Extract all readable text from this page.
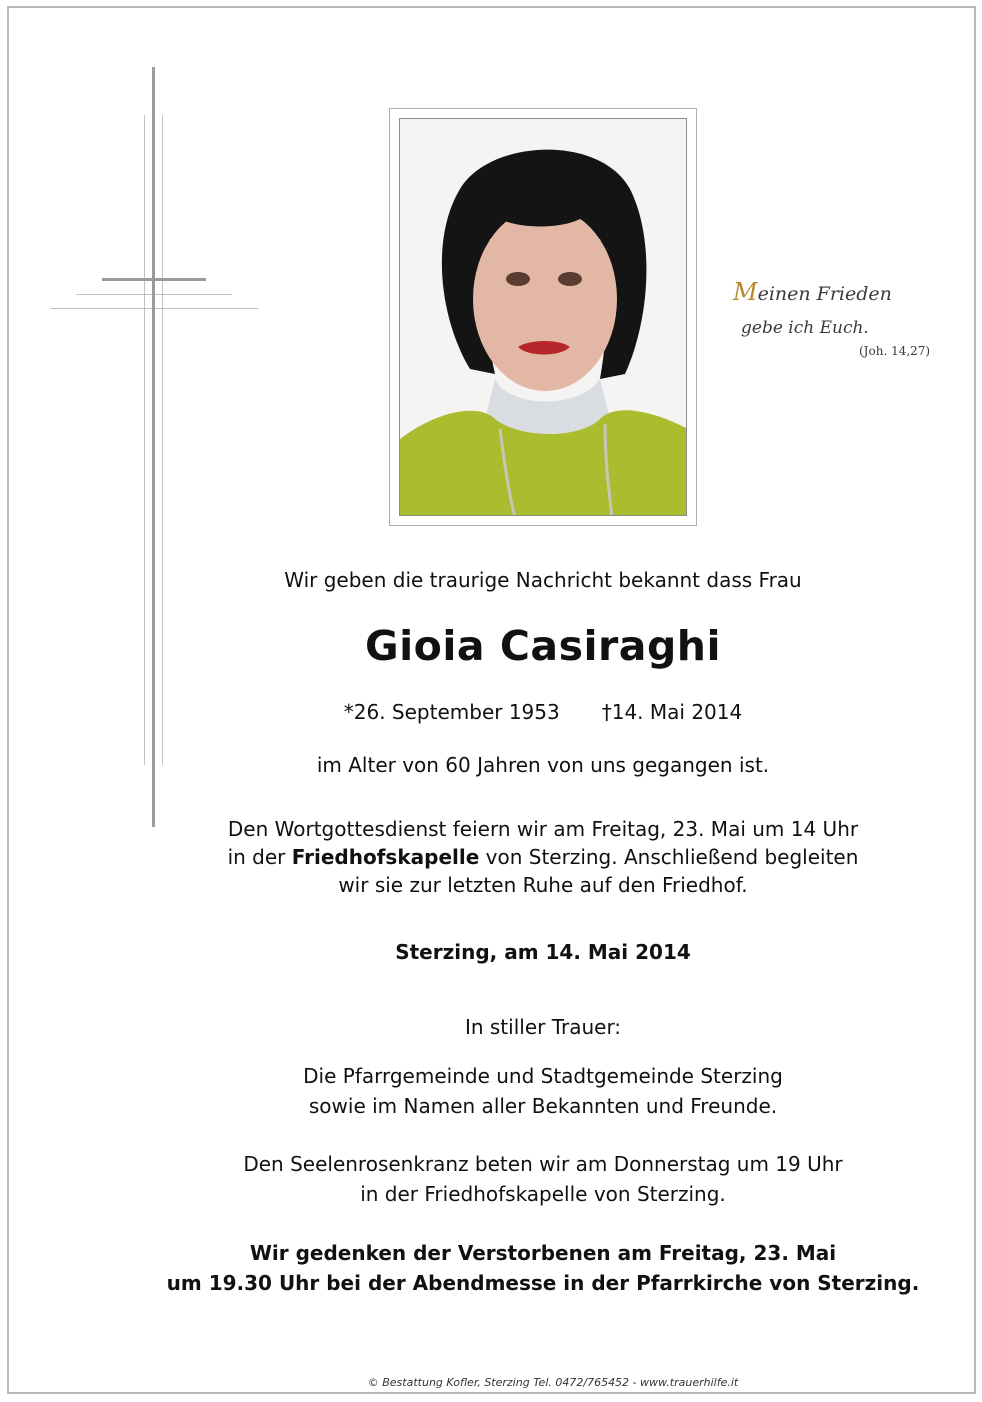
Meinen Frieden
gebe ich Euch.
(Joh. 14,27)
Wir geben die traurige Nachricht bekannt dass Frau
Gioia Casiraghi
*26. September 1953 †14. Mai 2014
im Alter von 60 Jahren von uns gegangen ist.
Den Wortgottesdienst feiern wir am Freitag, 23. Mai um 14 Uhr
in der Friedhofskapelle von Sterzing. Anschließend begleiten
wir sie zur letzten Ruhe auf den Friedhof.
Sterzing, am 14. Mai 2014
In stiller Trauer:
Die Pfarrgemeinde und Stadtgemeinde Sterzing
sowie im Namen aller Bekannten und Freunde.
Den Seelenrosenkranz beten wir am Donnerstag um 19 Uhr
in der Friedhofskapelle von Sterzing.
Wir gedenken der Verstorbenen am Freitag, 23. Mai
um 19.30 Uhr bei der Abendmesse in der Pfarrkirche von Sterzing.
© Bestattung Kofler, Sterzing Tel. 0472/765452 - www.trauerhilfe.it
